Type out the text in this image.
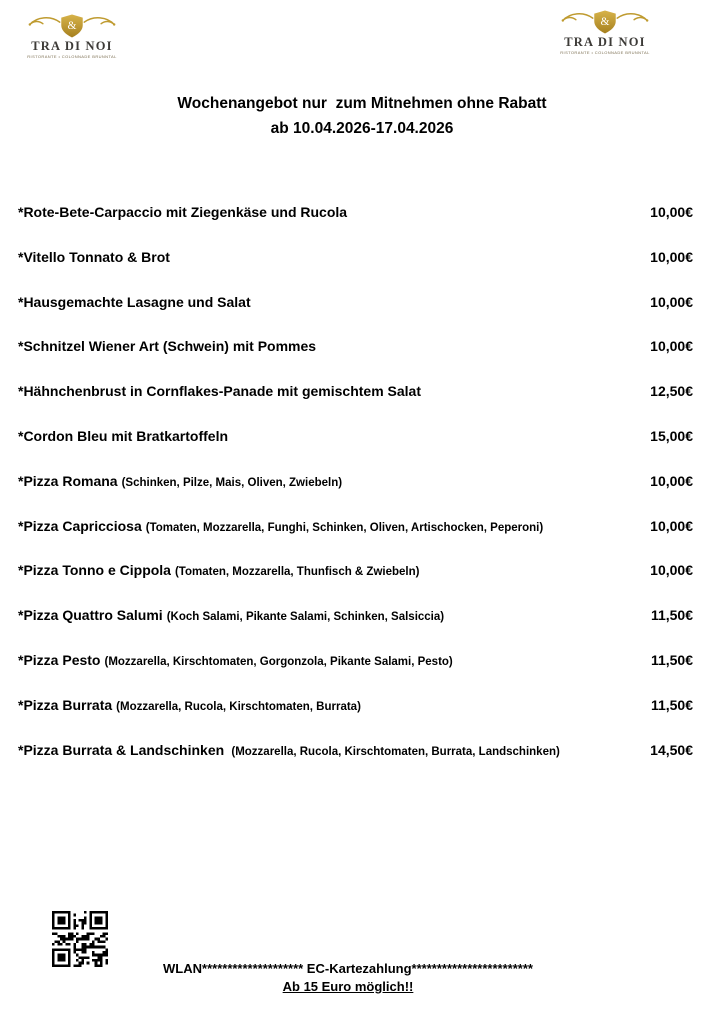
&
TRA DI NOI
RISTORANTE • COLONNADE BRUNNTAL
&
TRA DI NOI
RISTORANTE • COLONNADE BRUNNTAL
Wochenangebot nur  zum Mitnehmen ohne Rabatt
ab 10.04.2026-17.04.2026
*Rote-Bete-Carpaccio mit Ziegenkäse und Rucola	10,00€
*Vitello Tonnato & Brot	10,00€
*Hausgemachte Lasagne und Salat	10,00€
*Schnitzel Wiener Art (Schwein) mit Pommes	10,00€
*Hähnchenbrust in Cornflakes-Panade mit gemischtem Salat	12,50€
*Cordon Bleu mit Bratkartoffeln	15,00€
*Pizza Romana (Schinken, Pilze, Mais, Oliven, Zwiebeln)	10,00€
*Pizza Capricciosa (Tomaten, Mozzarella, Funghi, Schinken, Oliven, Artischocken, Peperoni)	10,00€
*Pizza Tonno e Cippola (Tomaten, Mozzarella, Thunfisch & Zwiebeln)	10,00€
*Pizza Quattro Salumi (Koch Salami, Pikante Salami, Schinken, Salsiccia)	11,50€
*Pizza Pesto (Mozzarella, Kirschtomaten, Gorgonzola, Pikante Salami, Pesto)	11,50€
*Pizza Burrata (Mozzarella, Rucola, Kirschtomaten, Burrata)	11,50€
*Pizza Burrata & Landschinken (Mozzarella, Rucola, Kirschtomaten, Burrata, Landschinken)	14,50€
WLAN******************** EC-Kartezahlung************************
Ab 15 Euro möglich!!
